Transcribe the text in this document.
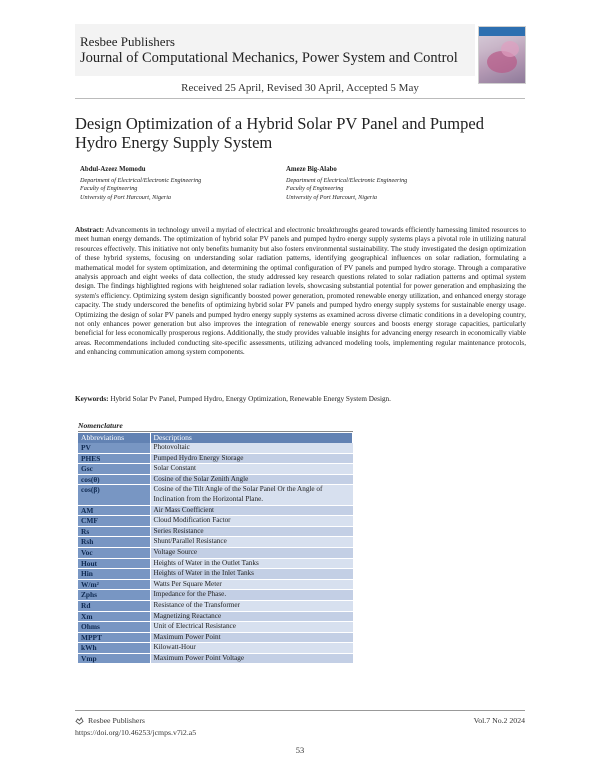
Resbee Publishers
Journal of Computational Mechanics, Power System and Control
Received 25 April, Revised 30 April, Accepted 5 May
Design Optimization of a Hybrid Solar PV Panel and Pumped Hydro Energy Supply System
Abdul-Azeez Momodu
Department of Electrical/Electronic Engineering
Faculty of Engineering
University of Port Harcourt, Nigeria
Ameze Big-Alabo
Department of Electrical/Electronic Engineering
Faculty of Engineering
University of Port Harcourt, Nigeria

Abstract: Advancements in technology unveil a myriad of electrical and electronic breakthroughs geared towards efficiently harnessing limited resources to meet human energy demands. The optimization of hybrid solar PV panels and pumped hydro energy supply systems plays a pivotal role in utilizing natural resources effectively. This initiative not only benefits humanity but also fosters environmental sustainability. The study investigated the design optimization of these hybrid systems, focusing on understanding solar radiation patterns, identifying geographical influences on solar radiation, formulating a mathematical model for system optimization, and determining the optimal configuration of PV panels and pumped hydro storage. Through a comparative analysis approach and eight weeks of data collection, the study addressed key research questions related to solar radiation patterns and optimal system design. The findings highlighted regions with heightened solar radiation levels, showcasing substantial potential for power generation and emphasizing the system's efficiency. Optimizing system design significantly boosted power generation, promoted renewable energy utilization, and enhanced energy storage capacity. The study underscored the benefits of optimizing hybrid solar PV panels and pumped hydro energy supply systems for sustainable energy usage. Optimizing the design of solar PV panels and pumped hydro energy supply systems as examined across diverse climatic conditions in a developing country, not only enhances power generation but also improves the integration of renewable energy sources and boosts energy storage capacities, particularly beneficial for less economically prosperous regions. Additionally, the study provides valuable insights for advancing energy research in economically viable areas. Recommendations included conducting site-specific assessments, utilizing advanced modeling tools, implementing regular maintenance protocols, and enhancing communication among system components.

Keywords: Hybrid Solar Pv Panel, Pumped Hydro, Energy Optimization, Renewable Energy System Design.

Nomenclature
Abbreviations	Descriptions
PV	Photovoltaic
PHES	Pumped Hydro Energy Storage
Gsc	Solar Constant
cos(θ)	Cosine of the Solar Zenith Angle
cos(β)	Cosine of the Tilt Angle of the Solar Panel Or the Angle of Inclination from the Horizontal Plane.
AM	Air Mass Coefficient
CMF	Cloud Modification Factor
Rs	Series Resistance
Rsh	Shunt/Parallel Resistance
Voc	Voltage Source
Hout	Heights of Water in the Outlet Tanks
Hin	Heights of Water in the Inlet Tanks
W/m²	Watts Per Square Meter
Zphs	Impedance for the Phase.
Rd	Resistance of the Transformer
Xm	Magnetizing Reactance
Ohms	Unit of Electrical Resistance
MPPT	Maximum Power Point
kWh	Kilowatt-Hour
Vmp	Maximum Power Point Voltage
Resbee Publishers
https://doi.org/10.46253/jcmps.v7i2.a5
Vol.7 No.2 2024
53
